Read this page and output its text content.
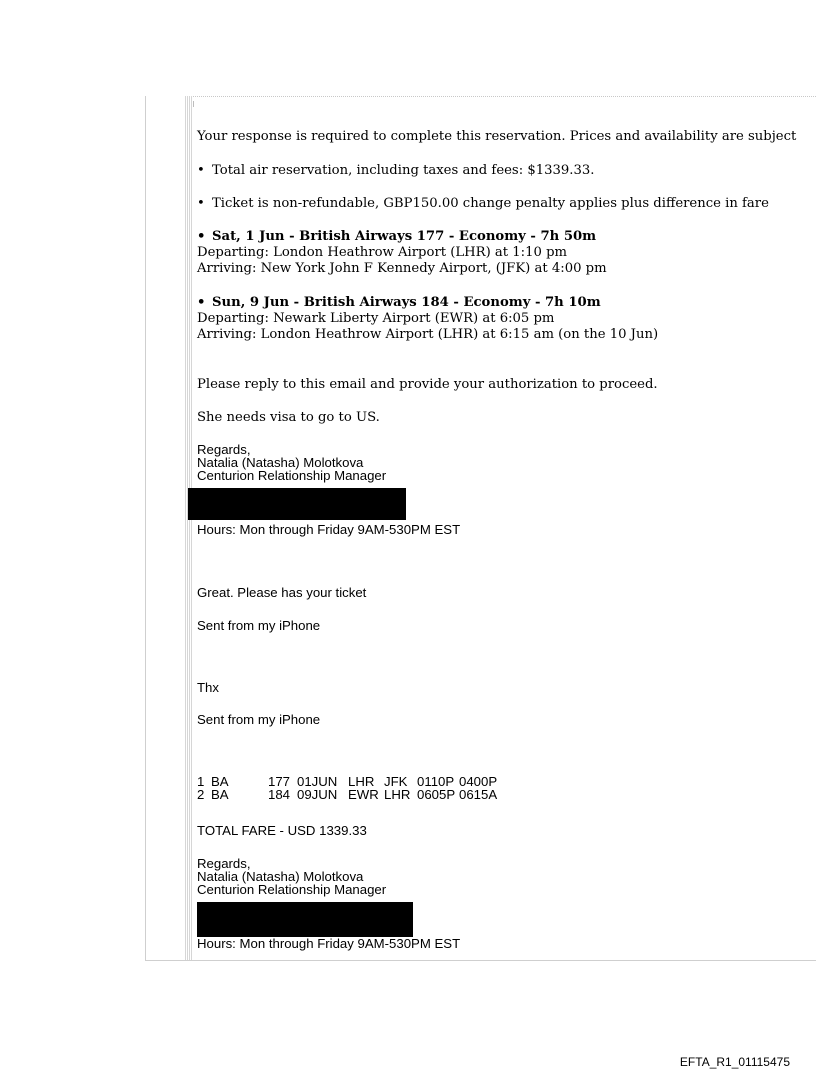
Your response is required to complete this reservation. Prices and availability are subject
• Total air reservation, including taxes and fees: $1339.33.
• Ticket is non-refundable, GBP150.00 change penalty applies plus difference in fare
• Sat, 1 Jun - British Airways 177 - Economy - 7h 50m
Departing: London Heathrow Airport (LHR) at 1:10 pm
Arriving: New York John F Kennedy Airport, (JFK) at 4:00 pm
• Sun, 9 Jun - British Airways 184 - Economy - 7h 10m
Departing: Newark Liberty Airport (EWR) at 6:05 pm
Arriving: London Heathrow Airport (LHR) at 6:15 am (on the 10 Jun)
Please reply to this email and provide your authorization to proceed.
She needs visa to go to US.
Regards,
Natalia (Natasha) Molotkova
Centurion Relationship Manager
Hours: Mon through Friday 9AM-530PM EST
Great. Please has your ticket
Sent from my iPhone
Thx
Sent from my iPhone
1 BA	177 01JUN LHR JFK 0110P 0400P
2 BA	184 09JUN EWR LHR 0605P 0615A
TOTAL FARE - USD 1339.33
Regards,
Natalia (Natasha) Molotkova
Centurion Relationship Manager
Hours: Mon through Friday 9AM-530PM EST
EFTA_R1_01115475
